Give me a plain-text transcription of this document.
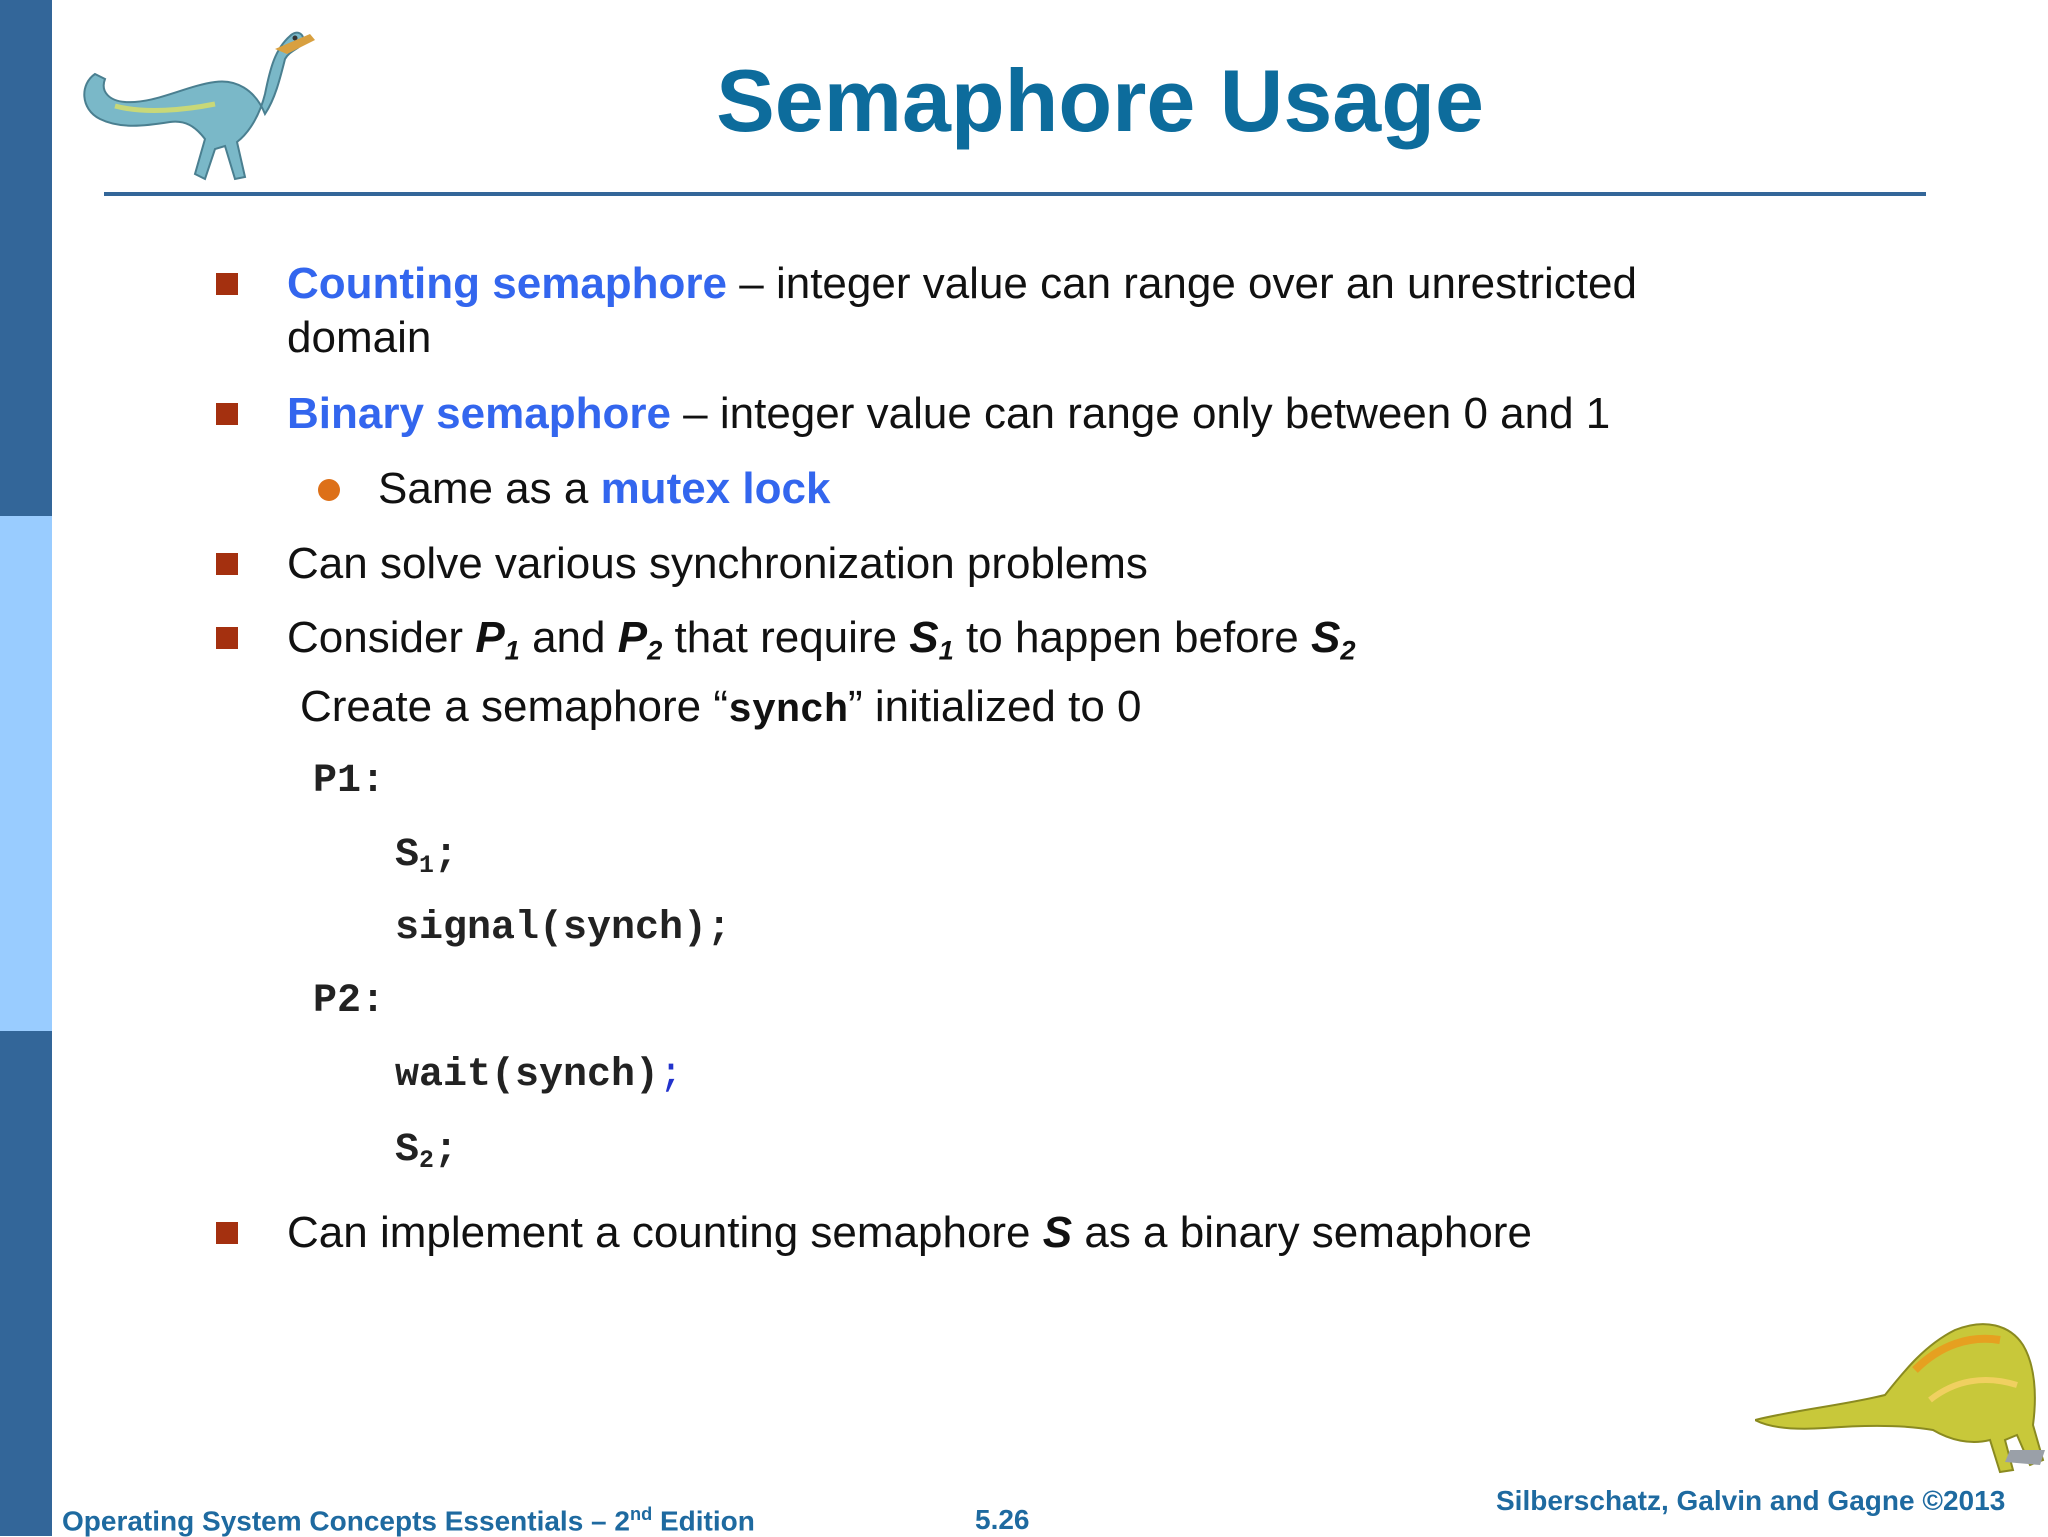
Semaphore Usage
Counting semaphore – integer value can range over an unrestricted
domain
Binary semaphore – integer value can range only between 0 and 1
Same as a mutex lock
Can solve various synchronization problems
Consider $P_1$ and $P_2$ that require $S_1$ to happen before $S_2$
Create a semaphore “synch” initialized to 0
P1:
$S_1$;
signal(synch);
P2:
wait(synch);
$S_2$;
Can implement a counting semaphore S as a binary semaphore
Operating System Concepts Essentials – 2nd Edition	5.26
Silberschatz, Galvin and Gagne ©2013
